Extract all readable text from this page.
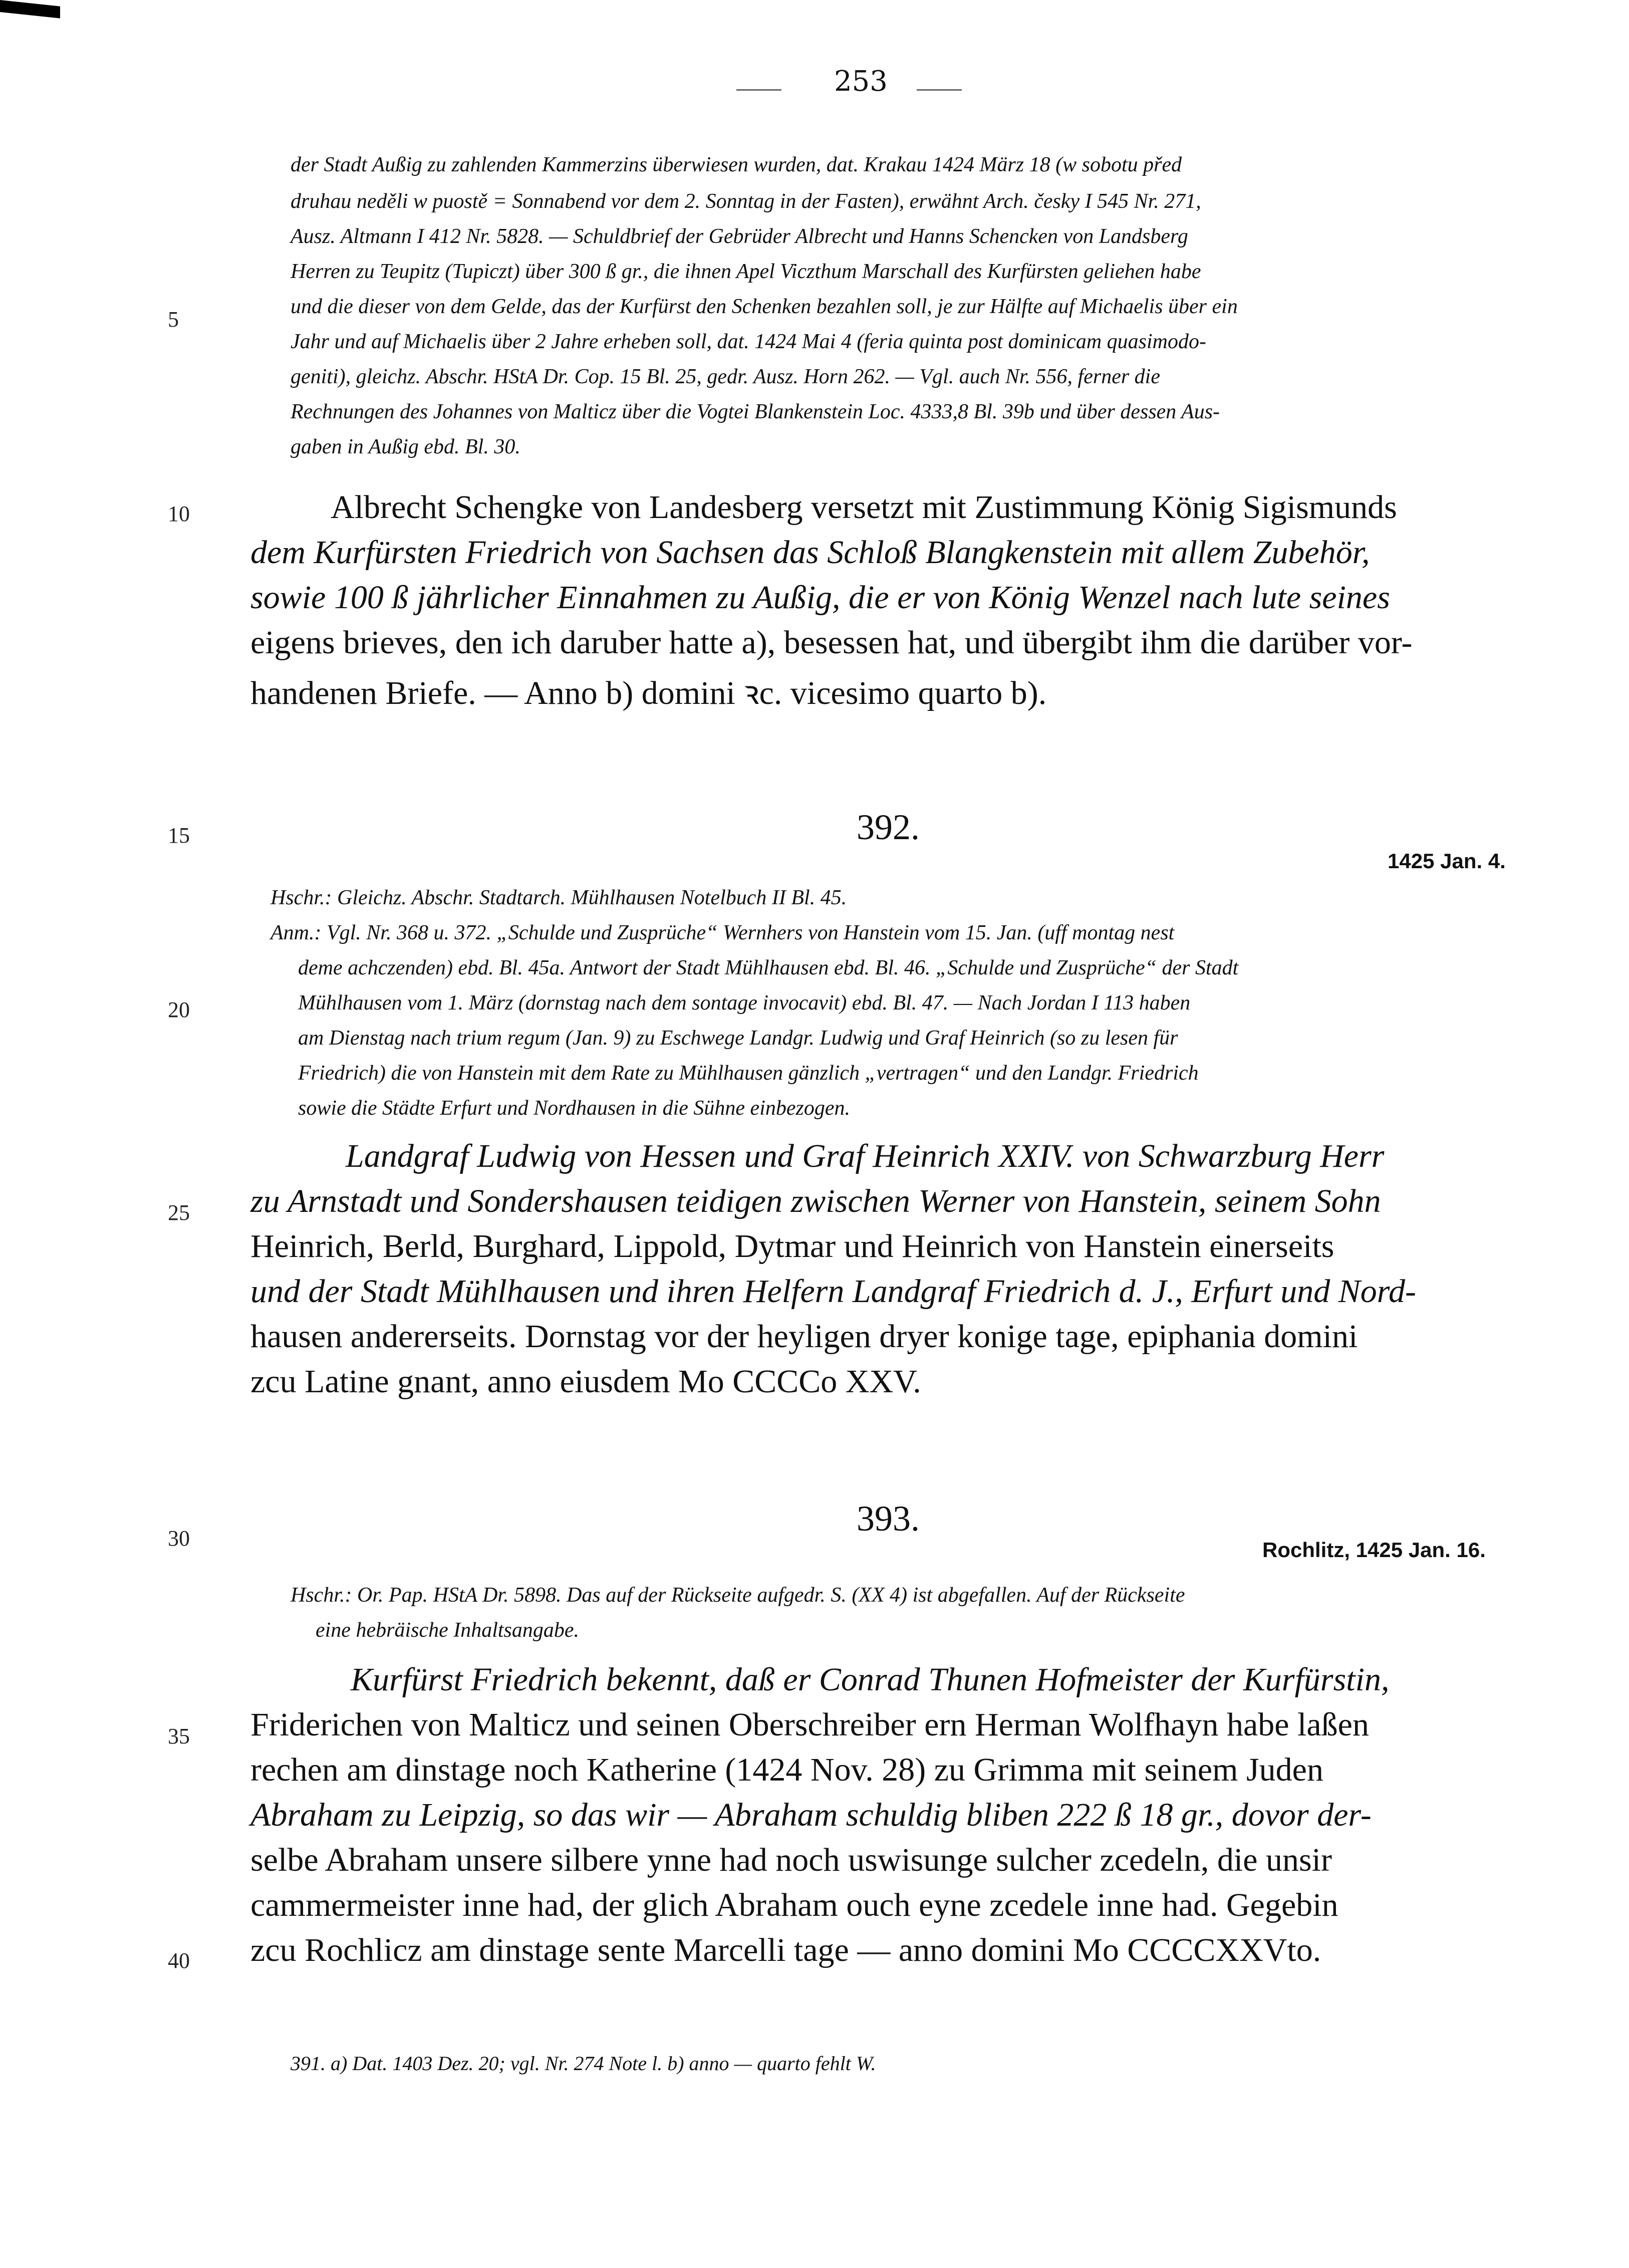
253
der Stadt Außig zu zahlenden Kammerzins überwiesen wurden, dat. Krakau 1424 März 18 (w sobotu před
druhau neděli w puostě = Sonnabend vor dem 2. Sonntag in der Fasten), erwähnt Arch. česky I 545 Nr. 271,
Ausz. Altmann I 412 Nr. 5828. — Schuldbrief der Gebrüder Albrecht und Hanns Schencken von Landsberg
Herren zu Teupitz (Tupiczt) über 300 ß gr., die ihnen Apel Viczthum Marschall des Kurfürsten geliehen habe
und die dieser von dem Gelde, das der Kurfürst den Schenken bezahlen soll, je zur Hälfte auf Michaelis über ein
Jahr und auf Michaelis über 2 Jahre erheben soll, dat. 1424 Mai 4 (feria quinta post dominicam quasimodo-
geniti), gleichz. Abschr. HStA Dr. Cop. 15 Bl. 25, gedr. Ausz. Horn 262. — Vgl. auch Nr. 556, ferner die
Rechnungen des Johannes von Malticz über die Vogtei Blankenstein Loc. 4333,8 Bl. 39b und über dessen Aus-
gaben in Außig ebd. Bl. 30.
Albrecht Schengke von Landesberg versetzt mit Zustimmung König Sigismunds
dem Kurfürsten Friedrich von Sachsen das Schloß Blangkenstein mit allem Zubehör,
sowie 100 ß jährlicher Einnahmen zu Außig, die er von König Wenzel nach lute seines
eigens brieves, den ich daruber hatte a), besessen hat, und übergibt ihm die darüber vor-
handenen Briefe. — Anno b) domini ꝛc. vicesimo quarto b).
392.
1425 Jan. 4.
Hschr.: Gleichz. Abschr. Stadtarch. Mühlhausen Notelbuch II Bl. 45.
Anm.: Vgl. Nr. 368 u. 372. „Schulde und Zusprüche“ Wernhers von Hanstein vom 15. Jan. (uff montag nest
deme achczenden) ebd. Bl. 45a. Antwort der Stadt Mühlhausen ebd. Bl. 46. „Schulde und Zusprüche“ der Stadt
Mühlhausen vom 1. März (dornstag nach dem sontage invocavit) ebd. Bl. 47. — Nach Jordan I 113 haben
am Dienstag nach trium regum (Jan. 9) zu Eschwege Landgr. Ludwig und Graf Heinrich (so zu lesen für
Friedrich) die von Hanstein mit dem Rate zu Mühlhausen gänzlich „vertragen“ und den Landgr. Friedrich
sowie die Städte Erfurt und Nordhausen in die Sühne einbezogen.
Landgraf Ludwig von Hessen und Graf Heinrich XXIV. von Schwarzburg Herr
zu Arnstadt und Sondershausen teidigen zwischen Werner von Hanstein, seinem Sohn
Heinrich, Berld, Burghard, Lippold, Dytmar und Heinrich von Hanstein einerseits
und der Stadt Mühlhausen und ihren Helfern Landgraf Friedrich d. J., Erfurt und Nord-
hausen andererseits. Dornstag vor der heyligen dryer konige tage, epiphania domini
zcu Latine gnant, anno eiusdem Mo CCCCo XXV.
393.
Rochlitz, 1425 Jan. 16.
Hschr.: Or. Pap. HStA Dr. 5898. Das auf der Rückseite aufgedr. S. (XX 4) ist abgefallen. Auf der Rückseite
eine hebräische Inhaltsangabe.
Kurfürst Friedrich bekennt, daß er Conrad Thunen Hofmeister der Kurfürstin,
Friderichen von Malticz und seinen Oberschreiber ern Herman Wolfhayn habe laßen
rechen am dinstage noch Katherine (1424 Nov. 28) zu Grimma mit seinem Juden
Abraham zu Leipzig, so das wir — Abraham schuldig bliben 222 ß 18 gr., dovor der-
selbe Abraham unsere silbere ynne had noch uswisunge sulcher zcedeln, die unsir
cammermeister inne had, der glich Abraham ouch eyne zcedele inne had. Gegebin
zcu Rochlicz am dinstage sente Marcelli tage — anno domini Mo CCCCXXVto.
391. a) Dat. 1403 Dez. 20; vgl. Nr. 274 Note l. b) anno — quarto fehlt W.
5
10
15
20
25
30
35
40
